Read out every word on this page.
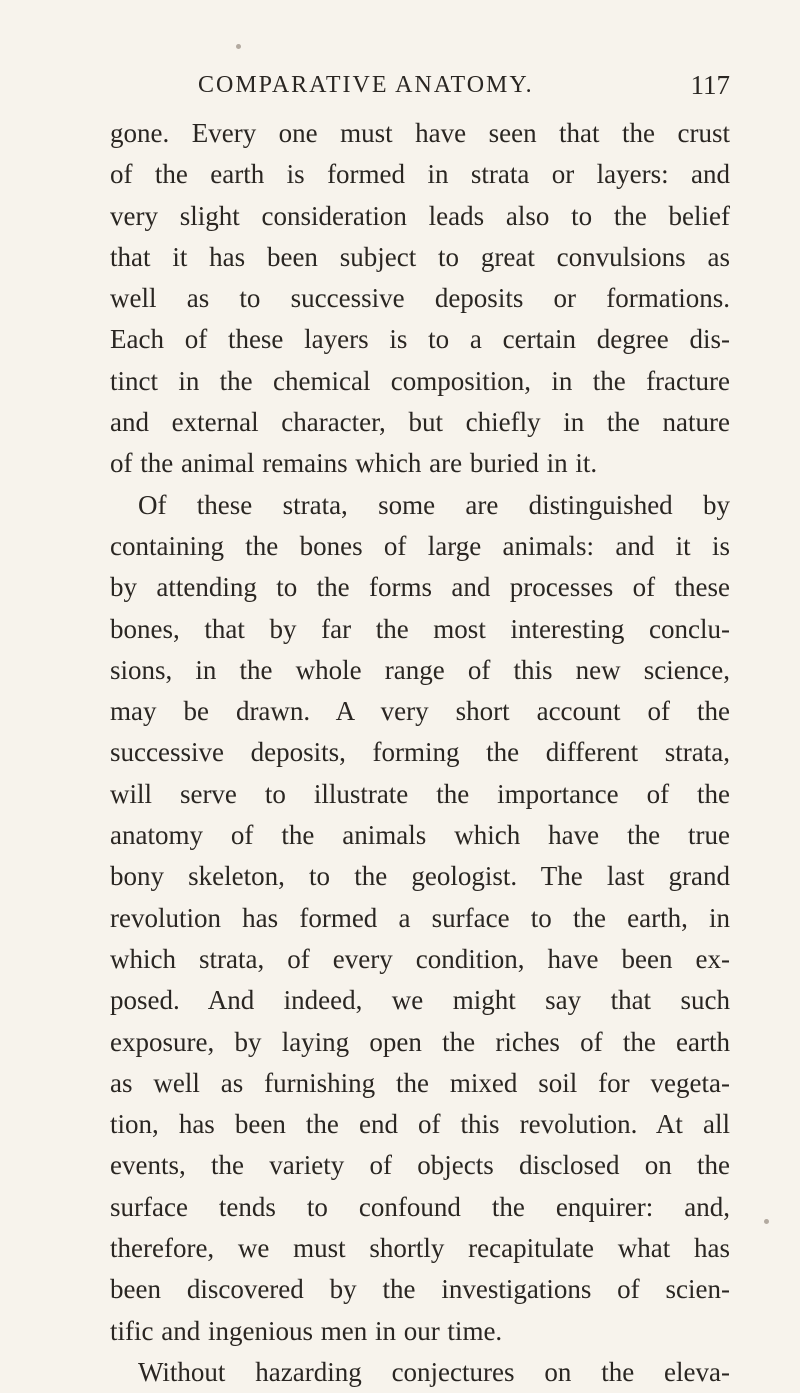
COMPARATIVE ANATOMY.	117
gone. Every one must have seen that the crust
of the earth is formed in strata or layers: and
very slight consideration leads also to the belief
that it has been subject to great convulsions as
well as to successive deposits or formations.
Each of these layers is to a certain degree dis-
tinct in the chemical composition, in the fracture
and external character, but chiefly in the nature
of the animal remains which are buried in it.
Of these strata, some are distinguished by
containing the bones of large animals: and it is
by attending to the forms and processes of these
bones, that by far the most interesting conclu-
sions, in the whole range of this new science,
may be drawn. A very short account of the
successive deposits, forming the different strata,
will serve to illustrate the importance of the
anatomy of the animals which have the true
bony skeleton, to the geologist. The last grand
revolution has formed a surface to the earth, in
which strata, of every condition, have been ex-
posed. And indeed, we might say that such
exposure, by laying open the riches of the earth
as well as furnishing the mixed soil for vegeta-
tion, has been the end of this revolution. At all
events, the variety of objects disclosed on the
surface tends to confound the enquirer: and,
therefore, we must shortly recapitulate what has
been discovered by the investigations of scien-
tific and ingenious men in our time.
Without hazarding conjectures on the eleva-
